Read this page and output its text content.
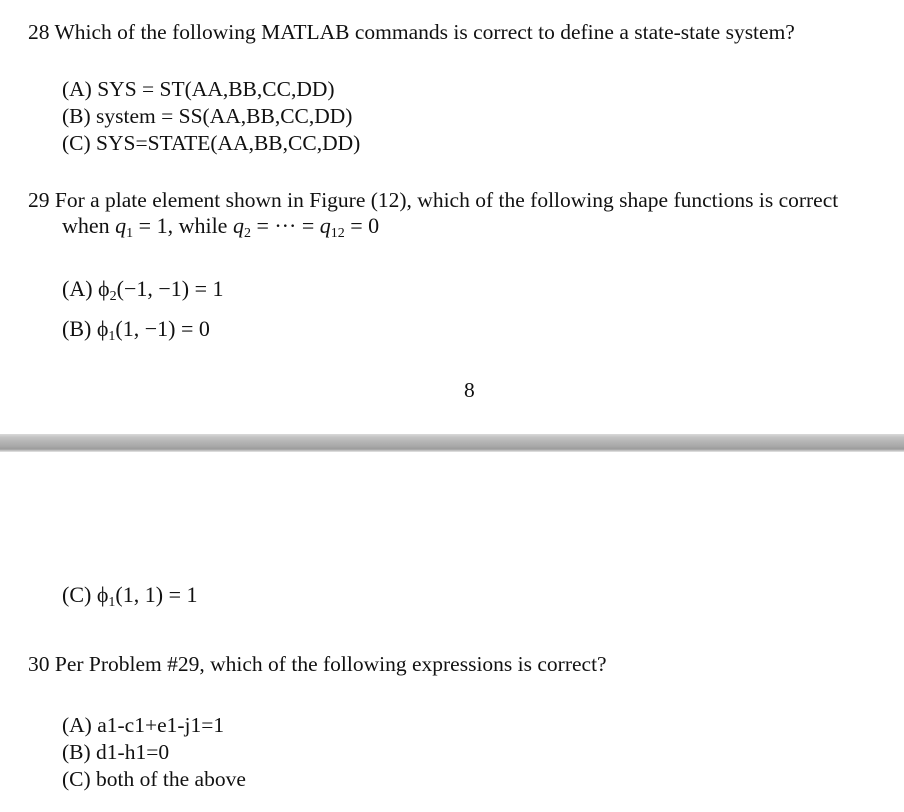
28 Which of the following MATLAB commands is correct to define a state-state system?
(A) SYS = ST(AA,BB,CC,DD)
(B) system = SS(AA,BB,CC,DD)
(C) SYS=STATE(AA,BB,CC,DD)
29 For a plate element shown in Figure (12), which of the following shape functions is correct
when $q_1 = 1$, while $q_2$ = ··· = $q_{12} = 0$
(A) $\phi_2(-1$, −1) = 1
(B) $\phi_1(1$, −1) = 0
8
(C) $\phi_1(1$, 1) = 1
30 Per Problem #29, which of the following expressions is correct?
(A) a1-c1+e1-j1=1
(B) d1-h1=0
(C) both of the above
